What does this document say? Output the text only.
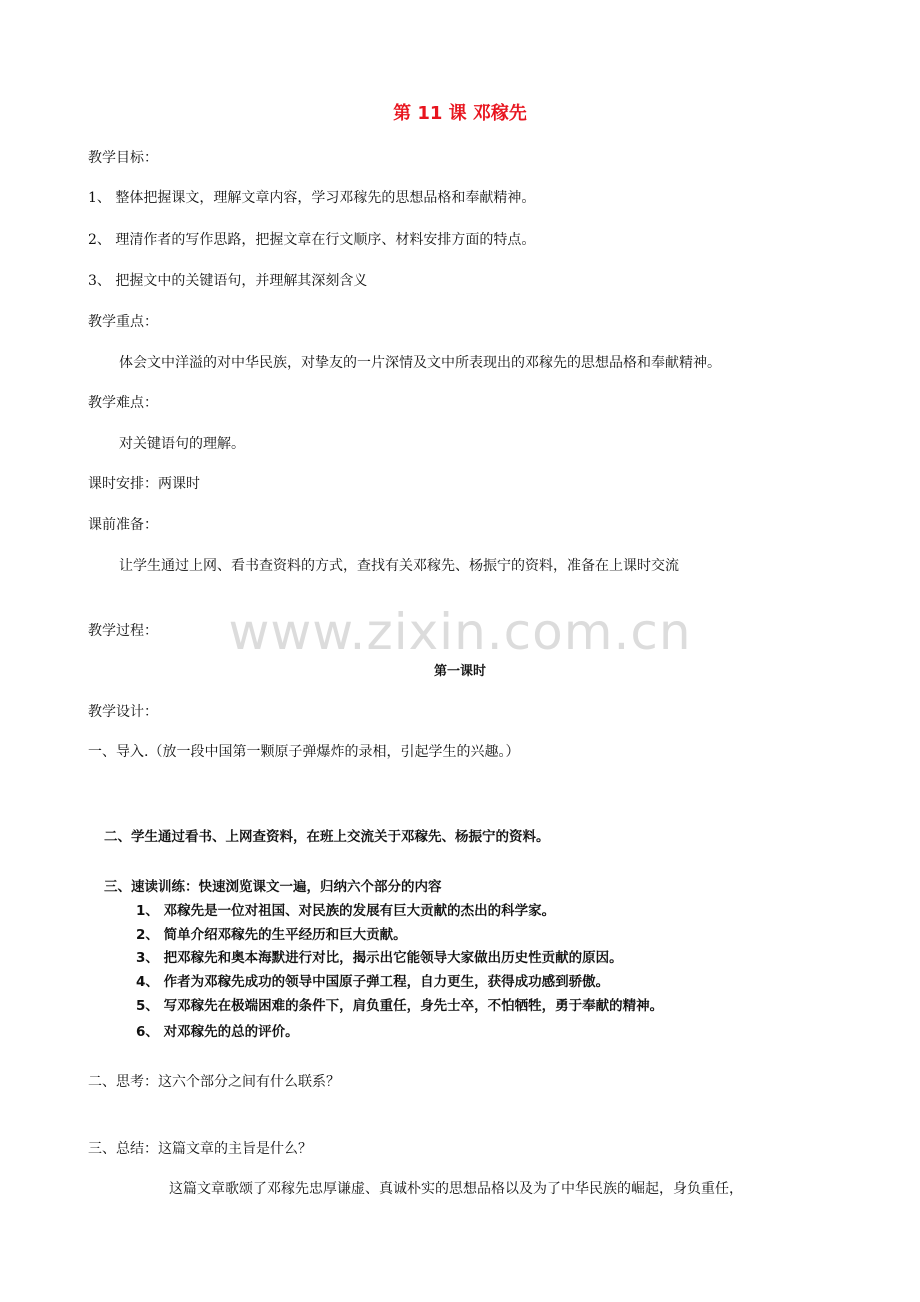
www.zixin.com.cn
第 11 课 邓稼先
教学目标：
1、 整体把握课文，理解文章内容，学习邓稼先的思想品格和奉献精神。
2、 理清作者的写作思路，把握文章在行文顺序、材料安排方面的特点。
3、 把握文中的关键语句，并理解其深刻含义
教学重点：
体会文中洋溢的对中华民族，对挚友的一片深情及文中所表现出的邓稼先的思想品格和奉献精神。
教学难点：
对关键语句的理解。
课时安排：两课时
课前准备：
让学生通过上网、看书查资料的方式，查找有关邓稼先、杨振宁的资料，准备在上课时交流
教学过程：
第一课时
教学设计：
一、导入.（放一段中国第一颗原子弹爆炸的录相，引起学生的兴趣。）
二、学生通过看书、上网查资料，在班上交流关于邓稼先、杨振宁的资料。
三、速读训练：快速浏览课文一遍，归纳六个部分的内容
1、 邓稼先是一位对祖国、对民族的发展有巨大贡献的杰出的科学家。
2、 简单介绍邓稼先的生平经历和巨大贡献。
3、 把邓稼先和奥本海默进行对比，揭示出它能领导大家做出历史性贡献的原因。
4、 作者为邓稼先成功的领导中国原子弹工程，自力更生，获得成功感到骄傲。
5、 写邓稼先在极端困难的条件下，肩负重任，身先士卒，不怕牺牲，勇于奉献的精神。
6、 对邓稼先的总的评价。
二、思考：这六个部分之间有什么联系？
三、总结：这篇文章的主旨是什么？
这篇文章歌颂了邓稼先忠厚谦虚、真诚朴实的思想品格以及为了中华民族的崛起，身负重任，
